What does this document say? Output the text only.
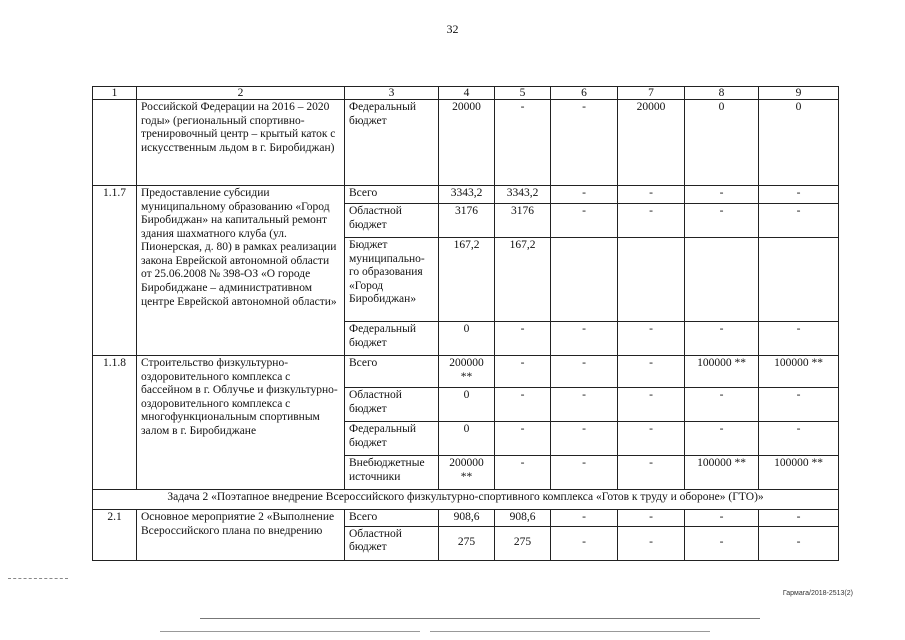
32
1	2	3	4	5	6	7	8	9
	Российской Федерации на 2016 – 2020 годы» (региональный спортивно-тренировочный центр – крытый каток с искусственным льдом в г. Биробиджан)	Федеральный бюджет	20000	-	-	20000	0	0
1.1.7	Предоставление субсидии муниципальному образованию «Город Биробиджан» на капитальный ремонт здания шахматного клуба (ул. Пионерская, д. 80) в рамках реализации закона Еврейской автономной области от 25.06.2008 № 398-ОЗ «О городе Биробиджане – административном центре Еврейской автономной области»	Всего	3343,2	3343,2	-	-	-	-
		Областной бюджет	3176	3176	-	-	-	-
		Бюджет муниципально-го образования «Город Биробиджан»	167,2	167,2				
		Федеральный бюджет	0	-	-	-	-	-
1.1.8	Строительство физкультурно-оздоровительного комплекса с бассейном в г. Облучье и физкультурно-оздоровительного комплекса с многофункциональным спортивным залом в г. Биробиджане	Всего	200000 **	-	-	-	100000 **	100000 **
		Областной бюджет	0	-	-	-	-	-
		Федеральный бюджет	0	-	-	-	-	-
		Внебюджетные источники	200000 **	-	-	-	100000 **	100000 **
Задача 2 «Поэтапное внедрение Всероссийского физкультурно-спортивного комплекса «Готов к труду и обороне» (ГТО)»								
2.1	Основное мероприятие 2 «Выполнение Всероссийского плана по внедрению	Всего	908,6	908,6	-	-	-	-
		Областной бюджет	275	275	-	-	-	-
Гармага/2018-2513(2)
